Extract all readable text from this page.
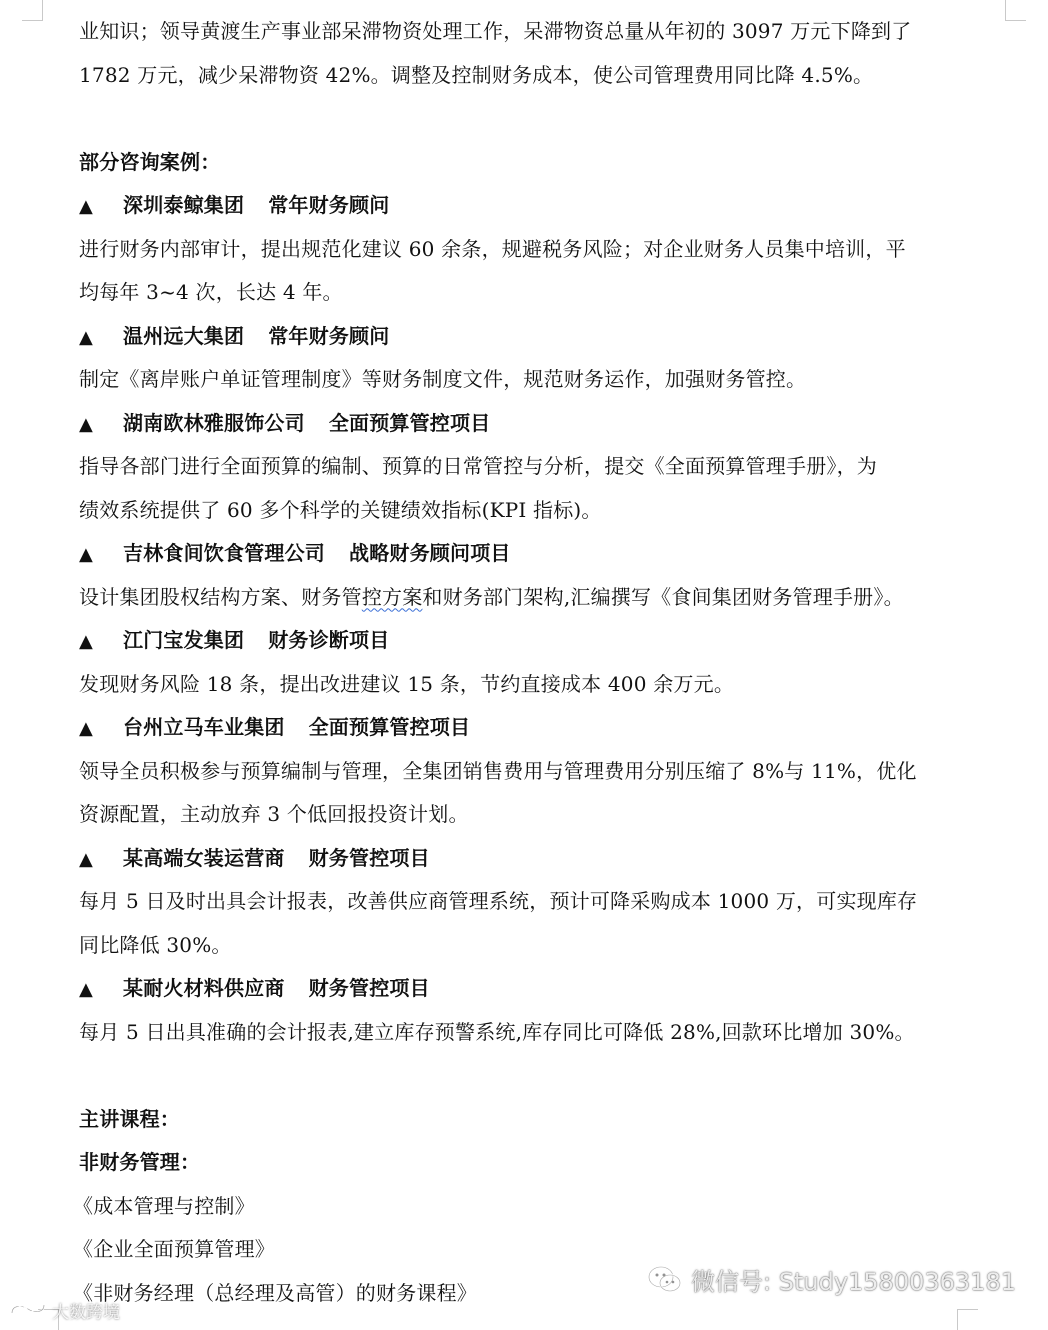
业知识；领导黄渡生产事业部呆滞物资处理工作，呆滞物资总量从年初的 3097 万元下降到了
1782 万元，减少呆滞物资 42%。调整及控制财务成本，使公司管理费用同比降 4.5%。
部分咨询案例：
▲ 深圳泰鲸集团 常年财务顾问
进行财务内部审计，提出规范化建议 60 余条，规避税务风险；对企业财务人员集中培训，平
均每年 3~4 次，长达 4 年。
▲ 温州远大集团 常年财务顾问
制定《离岸账户单证管理制度》等财务制度文件，规范财务运作，加强财务管控。
▲ 湖南欧林雅服饰公司 全面预算管控项目
指导各部门进行全面预算的编制、预算的日常管控与分析，提交《全面预算管理手册》，为
绩效系统提供了 60 多个科学的关键绩效指标(KPI 指标)。
▲ 吉林食间饮食管理公司 战略财务顾问项目
设计集团股权结构方案、财务管控方案和财务部门架构,汇编撰写《食间集团财务管理手册》。
▲ 江门宝发集团 财务诊断项目
发现财务风险 18 条，提出改进建议 15 条，节约直接成本 400 余万元。
▲ 台州立马车业集团 全面预算管控项目
领导全员积极参与预算编制与管理，全集团销售费用与管理费用分别压缩了 8%与 11%，优化
资源配置，主动放弃 3 个低回报投资计划。
▲ 某高端女装运营商 财务管控项目
每月 5 日及时出具会计报表，改善供应商管理系统，预计可降采购成本 1000 万，可实现库存
同比降低 30%。
▲ 某耐火材料供应商 财务管控项目
每月 5 日出具准确的会计报表,建立库存预警系统,库存同比可降低 28%,回款环比增加 30%。
主讲课程：
非财务管理：
《成本管理与控制》
《企业全面预算管理》
《非财务经理（总经理及高管）的财务课程》	微信号: Study15800363181
大数跨境
